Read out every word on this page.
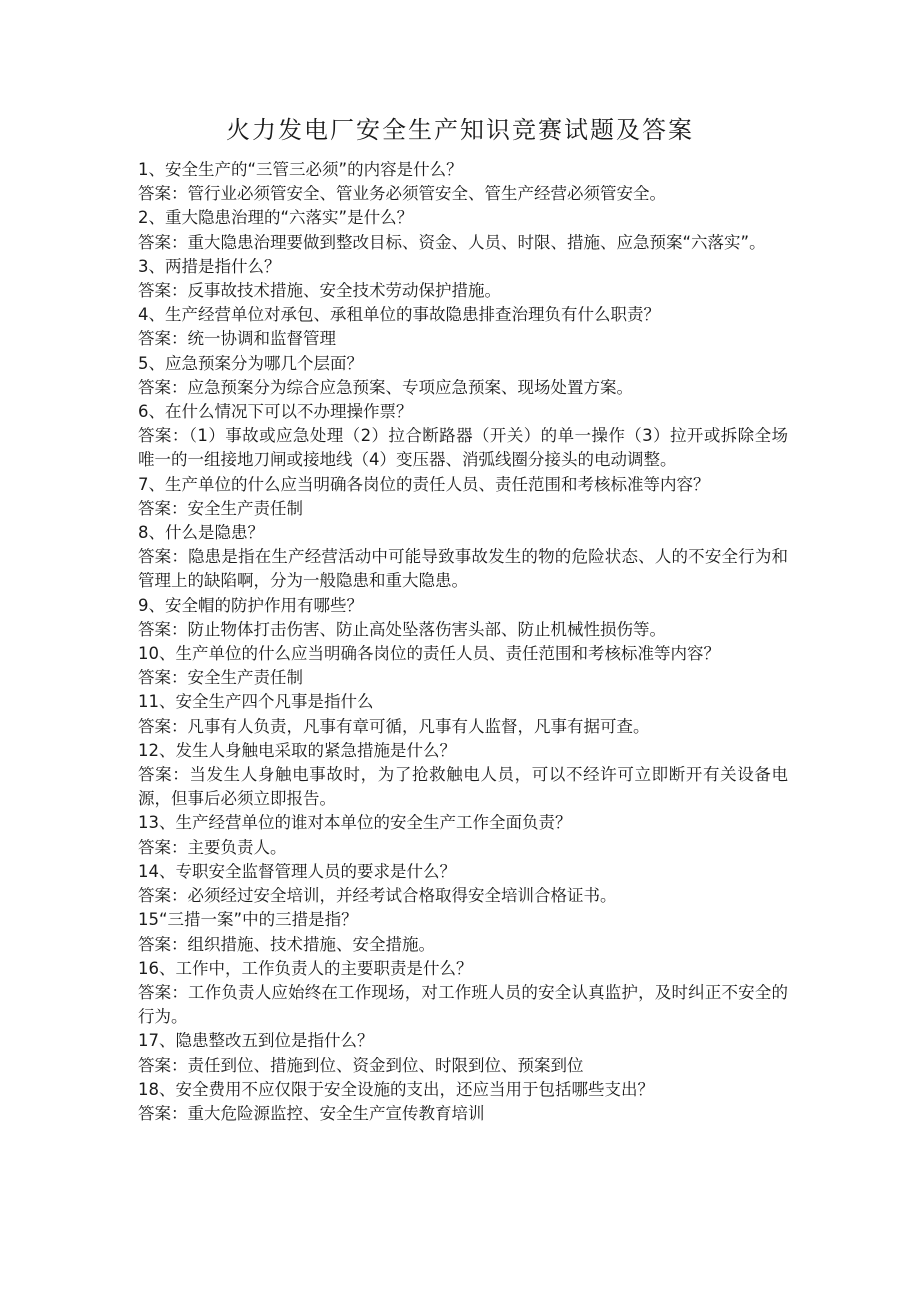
火力发电厂安全生产知识竞赛试题及答案
1、安全生产的“三管三必须”的内容是什么？
答案：管行业必须管安全、管业务必须管安全、管生产经营必须管安全。
2、重大隐患治理的“六落实”是什么？
答案：重大隐患治理要做到整改目标、资金、人员、时限、措施、应急预案“六落实”。
3、两措是指什么？
答案：反事故技术措施、安全技术劳动保护措施。
4、生产经营单位对承包、承租单位的事故隐患排查治理负有什么职责？
答案：统一协调和监督管理
5、应急预案分为哪几个层面？
答案：应急预案分为综合应急预案、专项应急预案、现场处置方案。
6、在什么情况下可以不办理操作票？
答案：（1）事故或应急处理（2）拉合断路器（开关）的单一操作（3）拉开或拆除全场唯一的一组接地刀闸或接地线（4）变压器、消弧线圈分接头的电动调整。
7、生产单位的什么应当明确各岗位的责任人员、责任范围和考核标准等内容？
答案：安全生产责任制
8、什么是隐患？
答案：隐患是指在生产经营活动中可能导致事故发生的物的危险状态、人的不安全行为和管理上的缺陷啊，分为一般隐患和重大隐患。
9、安全帽的防护作用有哪些？
答案：防止物体打击伤害、防止高处坠落伤害头部、防止机械性损伤等。
10、生产单位的什么应当明确各岗位的责任人员、责任范围和考核标准等内容？
答案：安全生产责任制
11、安全生产四个凡事是指什么
答案：凡事有人负责，凡事有章可循，凡事有人监督，凡事有据可查。
12、发生人身触电采取的紧急措施是什么？
答案：当发生人身触电事故时，为了抢救触电人员，可以不经许可立即断开有关设备电源，但事后必须立即报告。
13、生产经营单位的谁对本单位的安全生产工作全面负责？
答案：主要负责人。
14、专职安全监督管理人员的要求是什么？
答案：必须经过安全培训，并经考试合格取得安全培训合格证书。
15“三措一案”中的三措是指？
答案：组织措施、技术措施、安全措施。
16、工作中，工作负责人的主要职责是什么？
答案：工作负责人应始终在工作现场，对工作班人员的安全认真监护，及时纠正不安全的行为。
17、隐患整改五到位是指什么？
答案：责任到位、措施到位、资金到位、时限到位、预案到位
18、安全费用不应仅限于安全设施的支出，还应当用于包括哪些支出？
答案：重大危险源监控、安全生产宣传教育培训
